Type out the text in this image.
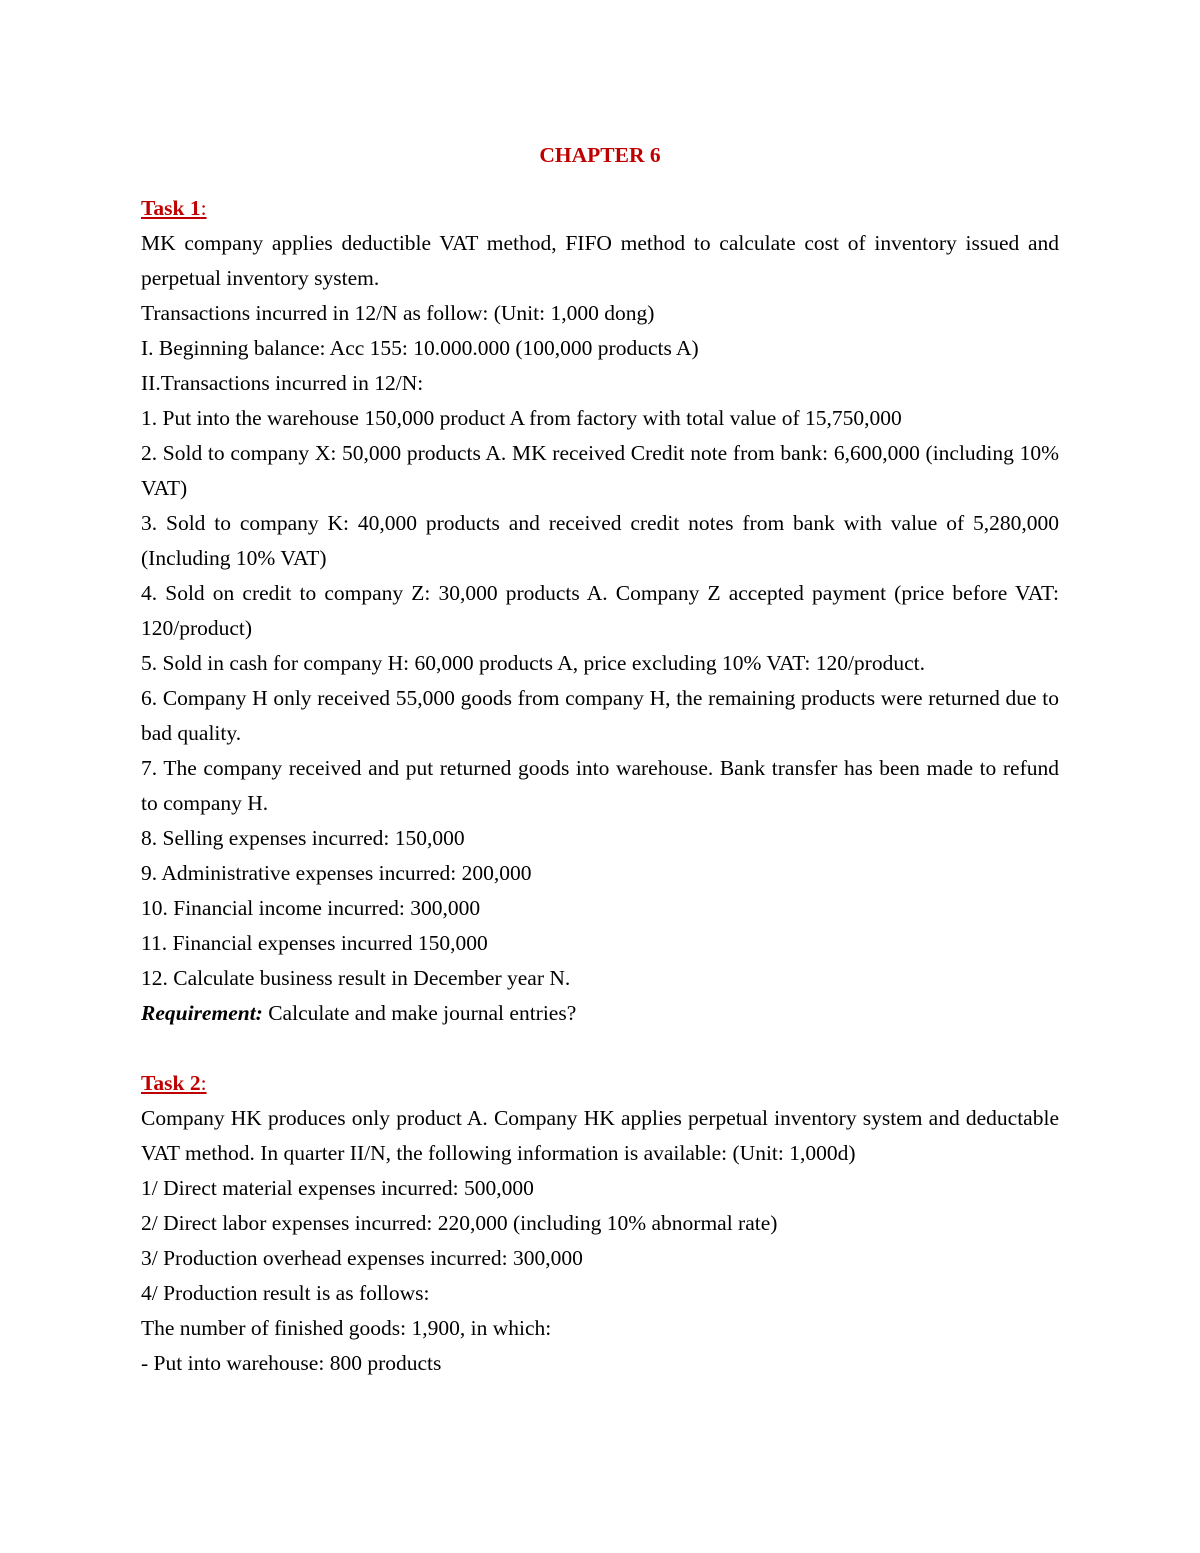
CHAPTER 6

Task 1:

MK company applies deductible VAT method, FIFO method to calculate cost of inventory issued and perpetual inventory system.

Transactions incurred in 12/N as follow: (Unit: 1,000 dong)

I. Beginning balance: Acc 155: 10.000.000 (100,000 products A)

II.Transactions incurred in 12/N:

1. Put into the warehouse 150,000 product A from factory with total value of 15,750,000

2. Sold to company X: 50,000 products A. MK received Credit note from bank: 6,600,000 (including 10% VAT)

3. Sold to company K: 40,000 products and received credit notes from bank with value of 5,280,000 (Including 10% VAT)

4. Sold on credit to company Z: 30,000 products A. Company Z accepted payment (price before VAT: 120/product)

5. Sold in cash for company H: 60,000 products A, price excluding 10% VAT: 120/product.

6. Company H only received 55,000 goods from company H, the remaining products were returned due to bad quality.

7. The company received and put returned goods into warehouse. Bank transfer has been made to refund to company H.

8. Selling expenses incurred: 150,000

9. Administrative expenses incurred: 200,000

10. Financial income incurred: 300,000

11. Financial expenses incurred 150,000

12. Calculate business result in December year N.

Requirement: Calculate and make journal entries?

Task 2:

Company HK produces only product A. Company HK applies perpetual inventory system and deductable VAT method. In quarter II/N, the following information is available: (Unit: 1,000d)

1/ Direct material expenses incurred: 500,000

2/ Direct labor expenses incurred: 220,000 (including 10% abnormal rate)

3/ Production overhead expenses incurred: 300,000

4/ Production result is as follows:

The number of finished goods: 1,900, in which:

- Put into warehouse: 800 products
